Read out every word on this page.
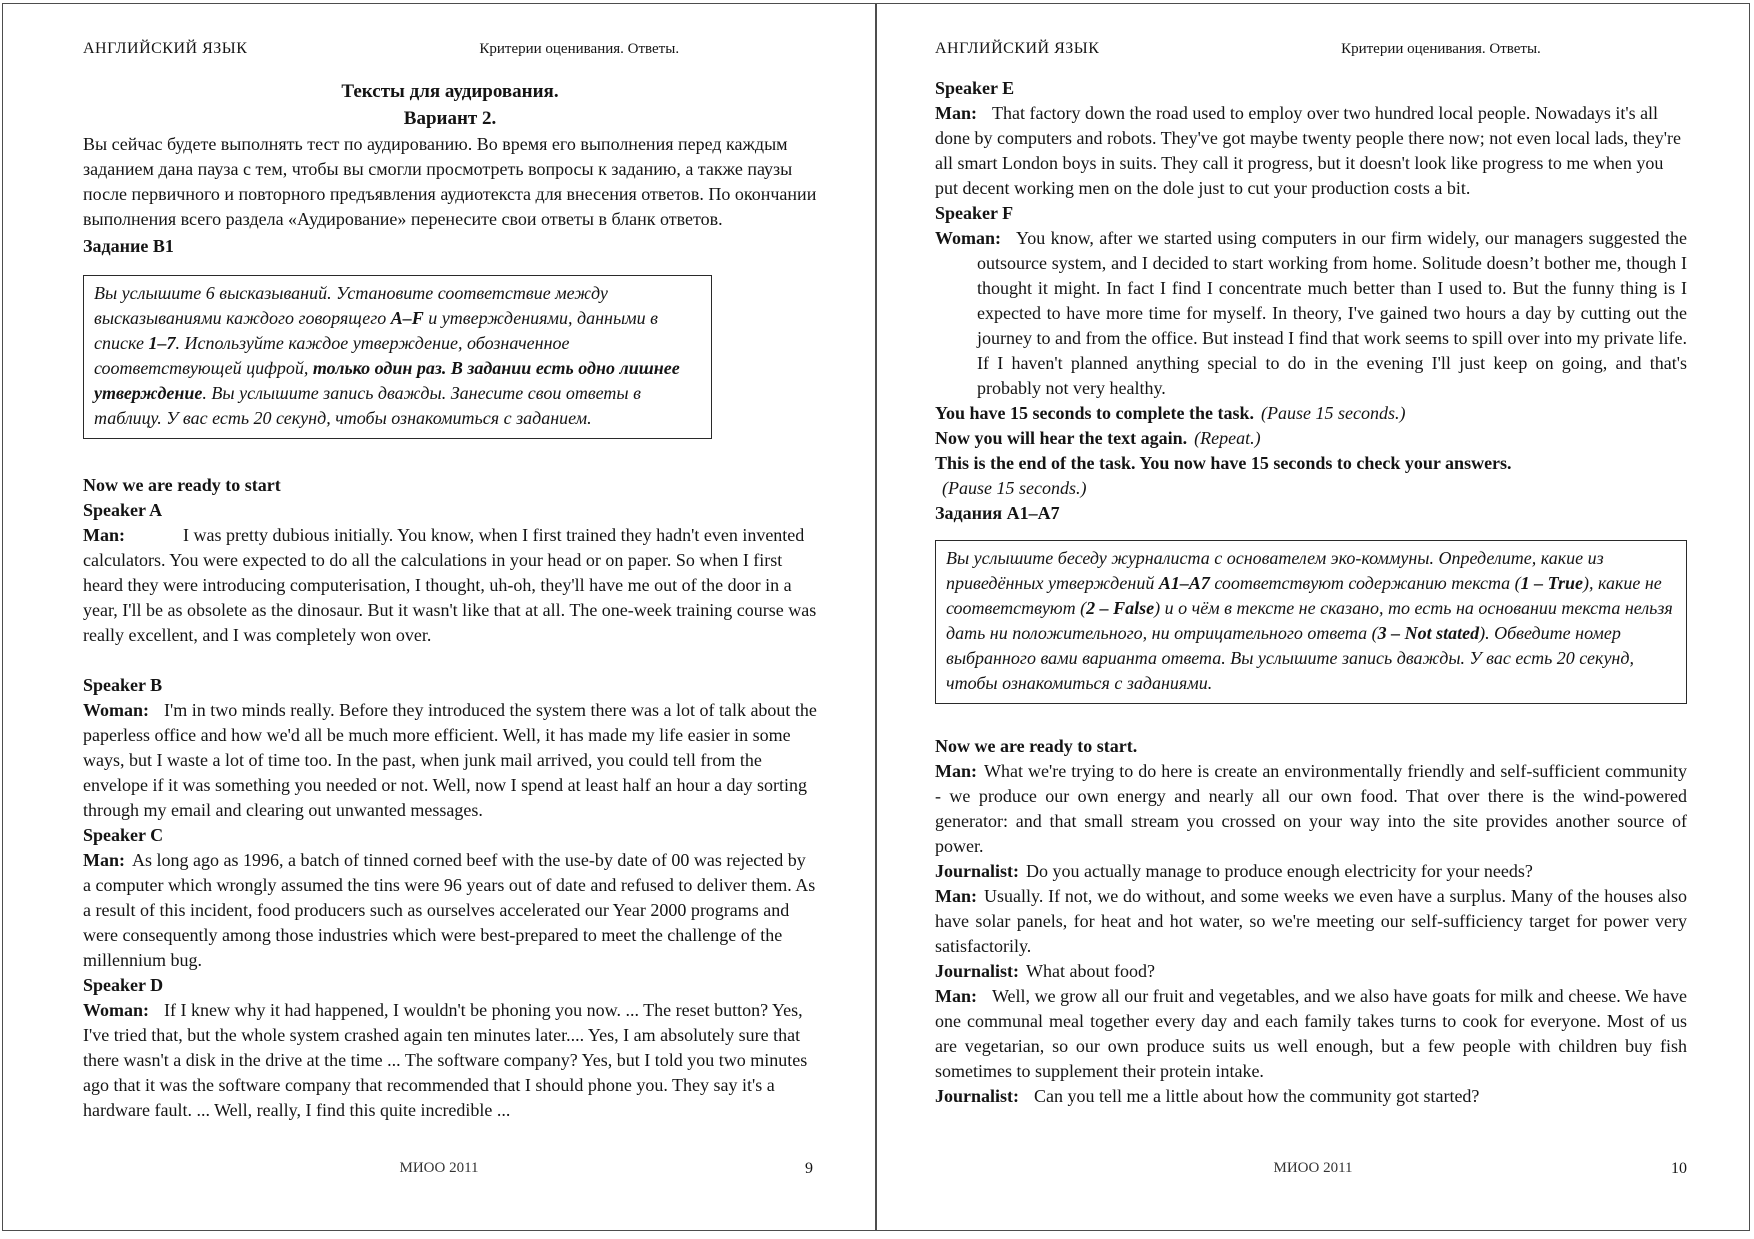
АНГЛИЙСКИЙ ЯЗЫК	Критерии оценивания. Ответы.

Тексты для аудирования.

Вариант 2.

Вы сейчас будете выполнять тест по аудированию. Во время его выполнения перед каждым заданием дана пауза с тем, чтобы вы смогли просмотреть вопросы к заданию, а также паузы после первичного и повторного предъявления аудиотекста для внесения ответов. По окончании выполнения всего раздела «Аудирование» перенесите свои ответы в бланк ответов.

Задание B1

Вы услышите 6 высказываний. Установите соответствие между высказываниями каждого говорящего A–F и утверждениями, данными в списке 1–7. Используйте каждое утверждение, обозначенное соответствующей цифрой, только один раз. В задании есть одно лишнее утверждение. Вы услышите запись дважды. Занесите свои ответы в таблицу. У вас есть 20 секунд, чтобы ознакомиться с заданием.

Now we are ready to start

Speaker A

Man:	I was pretty dubious initially. You know, when I first trained they hadn't even invented calculators. You were expected to do all the calculations in your head or on paper. So when I first heard they were introducing computerisation, I thought, uh-oh, they'll have me out of the door in a year, I'll be as obsolete as the dinosaur. But it wasn't like that at all. The one-week training course was really excellent, and I was completely won over.

Speaker B

Woman: I'm in two minds really. Before they introduced the system there was a lot of talk about the paperless office and how we'd all be much more efficient. Well, it has made my life easier in some ways, but I waste a lot of time too. In the past, when junk mail arrived, you could tell from the envelope if it was something you needed or not. Well, now I spend at least half an hour a day sorting through my email and clearing out unwanted messages.

Speaker C

Man: As long ago as 1996, a batch of tinned corned beef with the use-by date of 00 was rejected by a computer which wrongly assumed the tins were 96 years out of date and refused to deliver them. As a result of this incident, food producers such as ourselves accelerated our Year 2000 programs and were consequently among those industries which were best-prepared to meet the challenge of the millennium bug.

Speaker D

Woman: If I knew why it had happened, I wouldn't be phoning you now. ... The reset button? Yes, I've tried that, but the whole system crashed again ten minutes later.... Yes, I am absolutely sure that there wasn't a disk in the drive at the time ... The software company? Yes, but I told you two minutes ago that it was the software company that recommended that I should phone you. They say it's a hardware fault. ... Well, really, I find this quite incredible ...

МИОО 2011	9
АНГЛИЙСКИЙ ЯЗЫК	Критерии оценивания. Ответы.

Speaker E

Man: That factory down the road used to employ over two hundred local people. Nowadays it's all done by computers and robots. They've got maybe twenty people there now; not even local lads, they're all smart London boys in suits. They call it progress, but it doesn't look like progress to me when you put decent working men on the dole just to cut your production costs a bit.

Speaker F

Woman: You know, after we started using computers in our firm widely, our managers suggested the outsource system, and I decided to start working from home. Solitude doesn’t bother me, though I thought it might. In fact I find I concentrate much better than I used to. But the funny thing is I expected to have more time for myself. In theory, I've gained two hours a day by cutting out the journey to and from the office. But instead I find that work seems to spill over into my private life. If I haven't planned anything special to do in the evening I'll just keep on going, and that's probably not very healthy.

You have 15 seconds to complete the task. (Pause 15 seconds.)

Now you will hear the text again. (Repeat.)

This is the end of the task. You now have 15 seconds to check your answers.

(Pause 15 seconds.)

Задания A1–A7

Вы услышите беседу журналиста с основателем эко-коммуны. Определите, какие из приведённых утверждений A1–A7 соответствуют содержанию текста (1 – True), какие не соответствуют (2 – False) и о чём в тексте не сказано, то есть на основании текста нельзя дать ни положительного, ни отрицательного ответа (3 – Not stated). Обведите номер выбранного вами варианта ответа. Вы услышите запись дважды. У вас есть 20 секунд, чтобы ознакомиться с заданиями.

Now we are ready to start.

Man: What we're trying to do here is create an environmentally friendly and self-sufficient community - we produce our own energy and nearly all our own food. That over there is the wind-powered generator: and that small stream you crossed on your way into the site provides another source of power.

Journalist: Do you actually manage to produce enough electricity for your needs?

Man: Usually. If not, we do without, and some weeks we even have a surplus. Many of the houses also have solar panels, for heat and hot water, so we're meeting our self-sufficiency target for power very satisfactorily.

Journalist: What about food?

Man: Well, we grow all our fruit and vegetables, and we also have goats for milk and cheese. We have one communal meal together every day and each family takes turns to cook for everyone. Most of us are vegetarian, so our own produce suits us well enough, but a few people with children buy fish sometimes to supplement their protein intake.

Journalist: Can you tell me a little about how the community got started?

МИОО 2011	10
